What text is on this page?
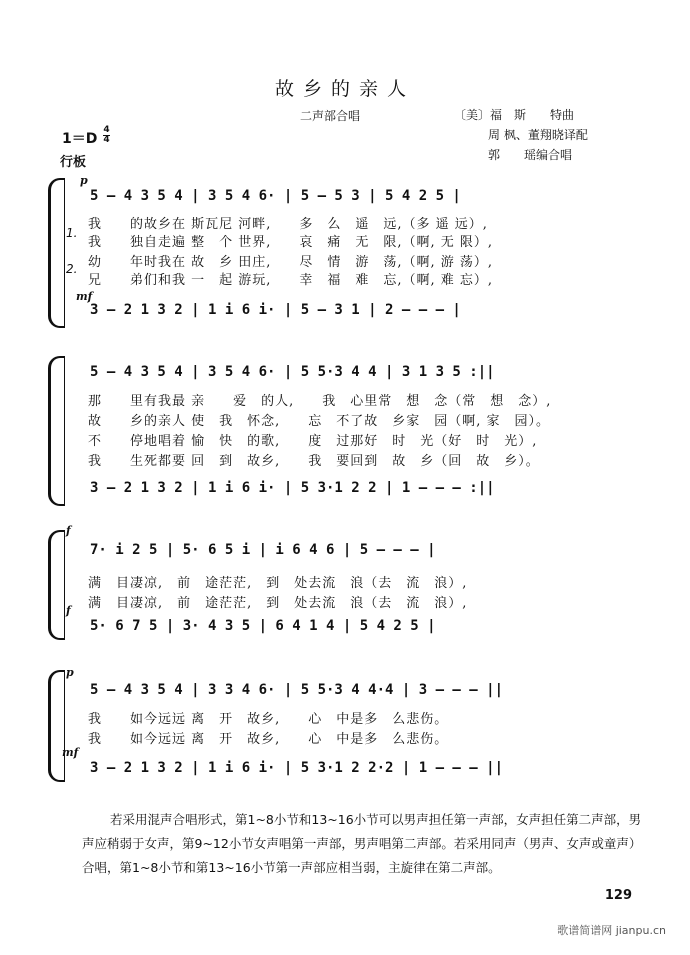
故乡的亲人
二声部合唱	〔美〕福　斯　　特曲
周 枫、董翔晓译配
郭　　瑶编合唱
1＝D
4
4
行板
p
5 – 4 3 5 4 | 3 5 4 6· | 5 – 5 3 | 5 4 2 5 |
1.
2.
我　　的故乡在 斯瓦尼 河畔,　　多　么　遥　远,（多 遥 远）,
我　　独自走遍 整　个 世界,　　哀　痛　无　限,（啊, 无 限）,
幼　　年时我在 故　乡 田庄,　　尽　情　游　荡,（啊, 游 荡）,
兄　　弟们和我 一　起 游玩,　　幸　福　难　忘,（啊, 难 忘）,
mf
3 – 2 1 3 2 | 1 i 6 i· | 5 – 3 1 | 2 – – – |
5 – 4 3 5 4 | 3 5 4 6· | 5 5·3 4 4 | 3 1 3 5 :||
那　　里有我最 亲　　爱　的人,　　我　心里常　想　念（常　想　念）,
故　　乡的亲人 使　我　怀念,　　忘　不了故　乡家　园（啊, 家　园）。
不　　停地唱着 愉　快　的歌,　　度　过那好　时　光（好　时　光）,
我　　生死都要 回　到　故乡,　　我　要回到　故　乡（回　故　乡）。
3 – 2 1 3 2 | 1 i 6 i· | 5 3·1 2 2 | 1 – – – :||
f
7· i 2 5 | 5· 6 5 i | i 6 4 6 | 5 – – – |
满　目凄凉,　前　途茫茫,　到　处去流　浪（去　流　浪）,
满　目凄凉,　前　途茫茫,　到　处去流　浪（去　流　浪）,
f
5· 6 7 5 | 3· 4 3 5 | 6 4 1 4 | 5 4 2 5 |
p
5 – 4 3 5 4 | 3 3 4 6· | 5 5·3 4 4·4 | 3 – – – ||
我　　如今远远 离　开　故乡,　　心　中是多　么悲伤。
我　　如今远远 离　开　故乡,　　心　中是多　么悲伤。
mf
3 – 2 1 3 2 | 1 i 6 i· | 5 3·1 2 2·2 | 1 – – – ||
若采用混声合唱形式，第1~8小节和13~16小节可以男声担任第一声部，女声担任第二声部，男声应稍弱于女声，第9~12小节女声唱第一声部，男声唱第二声部。若采用同声（男声、女声或童声）合唱，第1~8小节和第13~16小节第一声部应相当弱，主旋律在第二声部。
129
歌谱简谱网 jianpu.cn
